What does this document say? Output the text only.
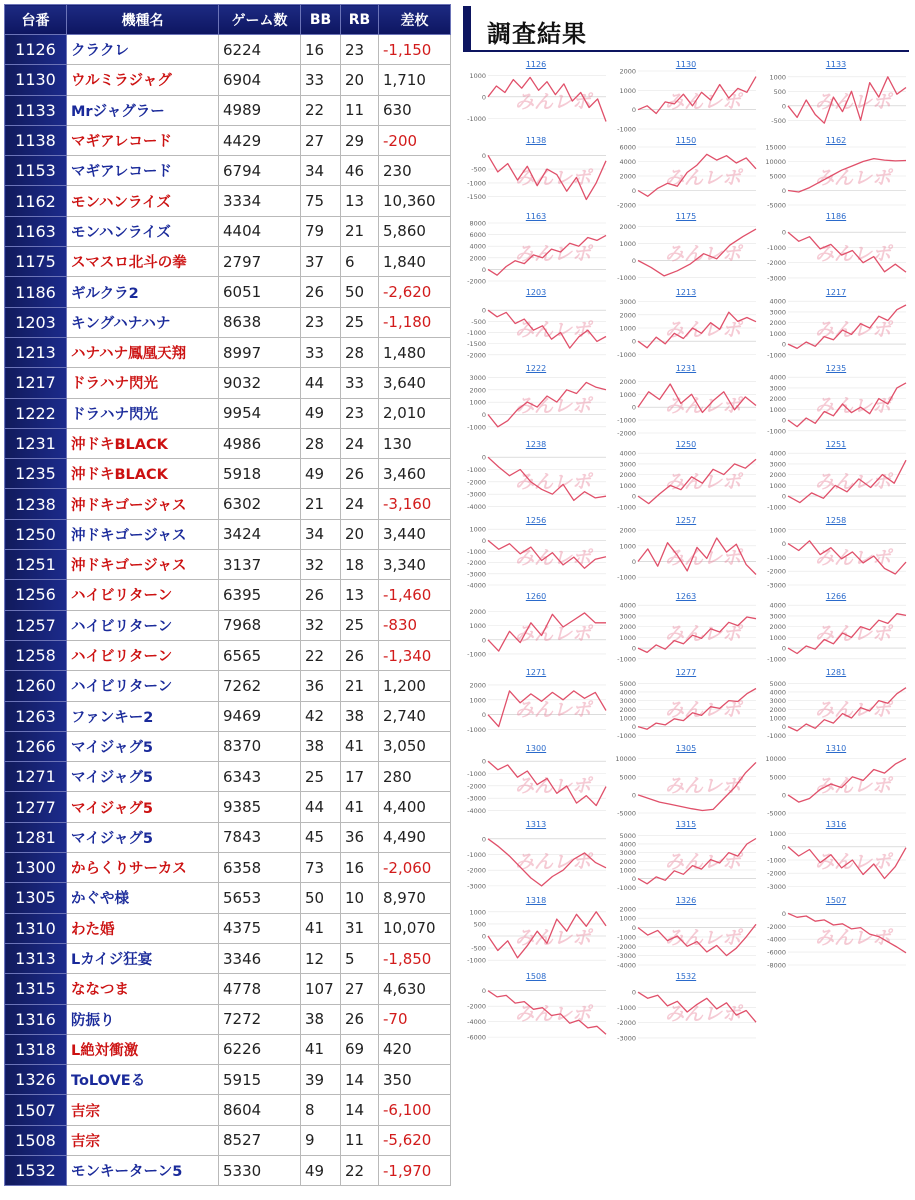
台番	機種名	ゲーム数	BB	RB	差枚
1126	クラクレ	6224	16	23	-1,150
1130	ウルミラジャグ	6904	33	20	1,710
1133	Mrジャグラー	4989	22	11	630
1138	マギアレコード	4429	27	29	-200
1153	マギアレコード	6794	34	46	230
1162	モンハンライズ	3334	75	13	10,360
1163	モンハンライズ	4404	79	21	5,860
1175	スマスロ北斗の拳	2797	37	6	1,840
1186	ギルクラ2	6051	26	50	-2,620
1203	キングハナハナ	8638	23	25	-1,180
1213	ハナハナ鳳凰天翔	8997	33	28	1,480
1217	ドラハナ閃光	9032	44	33	3,640
1222	ドラハナ閃光	9954	49	23	2,010
1231	沖ドキBLACK	4986	28	24	130
1235	沖ドキBLACK	5918	49	26	3,460
1238	沖ドキゴージャス	6302	21	24	-3,160
1250	沖ドキゴージャス	3424	34	20	3,440
1251	沖ドキゴージャス	3137	32	18	3,340
1256	ハイビリターン	6395	26	13	-1,460
1257	ハイビリターン	7968	32	25	-830
1258	ハイビリターン	6565	22	26	-1,340
1260	ハイビリターン	7262	36	21	1,200
1263	ファンキー2	9469	42	38	2,740
1266	マイジャグ5	8370	38	41	3,050
1271	マイジャグ5	6343	25	17	280
1277	マイジャグ5	9385	44	41	4,400
1281	マイジャグ5	7843	45	36	4,490
1300	からくりサーカス	6358	73	16	-2,060
1305	かぐや様	5653	50	10	8,970
1310	わた婚	4375	41	31	10,070
1313	Lカイジ狂宴	3346	12	5	-1,850
1315	ななつま	4778	107	27	4,630
1316	防振り	7272	38	26	-70
1318	L絶対衝激	6226	41	69	420
1326	ToLOVEる	5915	39	14	350
1507	吉宗	8604	8	14	-6,100
1508	吉宗	8527	9	11	-5,620
1532	モンキーターン5	5330	49	22	-1,970
調査結果
1126
1000
0
-1000
みんレポ
1130
2000
1000
0
-1000
みんレポ
1133
1000
500
0
-500
みんレポ
1138
0
-500
-1000
-1500
みんレポ
1150
6000
4000
2000
0
-2000
みんレポ
1162
15000
10000
5000
0
-5000
みんレポ
1163
8000
6000
4000
2000
0
-2000
みんレポ
1175
2000
1000
0
-1000
みんレポ
1186
0
-1000
-2000
-3000
みんレポ
1203
0
-500
-1000
-1500
-2000
みんレポ
1213
3000
2000
1000
0
-1000
みんレポ
1217
4000
3000
2000
1000
0
-1000
みんレポ
1222
3000
2000
1000
0
-1000
みんレポ
1231
2000
1000
0
-1000
-2000
みんレポ
1235
4000
3000
2000
1000
0
-1000
みんレポ
1238
0
-1000
-2000
-3000
-4000
みんレポ
1250
4000
3000
2000
1000
0
-1000
みんレポ
1251
4000
3000
2000
1000
0
-1000
みんレポ
1256
1000
0
-1000
-2000
-3000
-4000
みんレポ
1257
2000
1000
0
-1000
みんレポ
1258
1000
0
-1000
-2000
-3000
みんレポ
1260
2000
1000
0
-1000
みんレポ
1263
4000
3000
2000
1000
0
-1000
みんレポ
1266
4000
3000
2000
1000
0
-1000
みんレポ
1271
2000
1000
0
-1000
みんレポ
1277
5000
4000
3000
2000
1000
0
-1000
みんレポ
1281
5000
4000
3000
2000
1000
0
-1000
みんレポ
1300
0
-1000
-2000
-3000
-4000
みんレポ
1305
10000
5000
0
-5000
みんレポ
1310
10000
5000
0
-5000
みんレポ
1313
0
-1000
-2000
-3000
みんレポ
1315
5000
4000
3000
2000
1000
0
-1000
みんレポ
1316
1000
0
-1000
-2000
-3000
みんレポ
1318
1000
500
0
-500
-1000
みんレポ
1326
2000
1000
0
-1000
-2000
-3000
-4000
みんレポ
1507
0
-2000
-4000
-6000
-8000
みんレポ
1508
0
-2000
-4000
-6000
みんレポ
1532
0
-1000
-2000
-3000
みんレポ
